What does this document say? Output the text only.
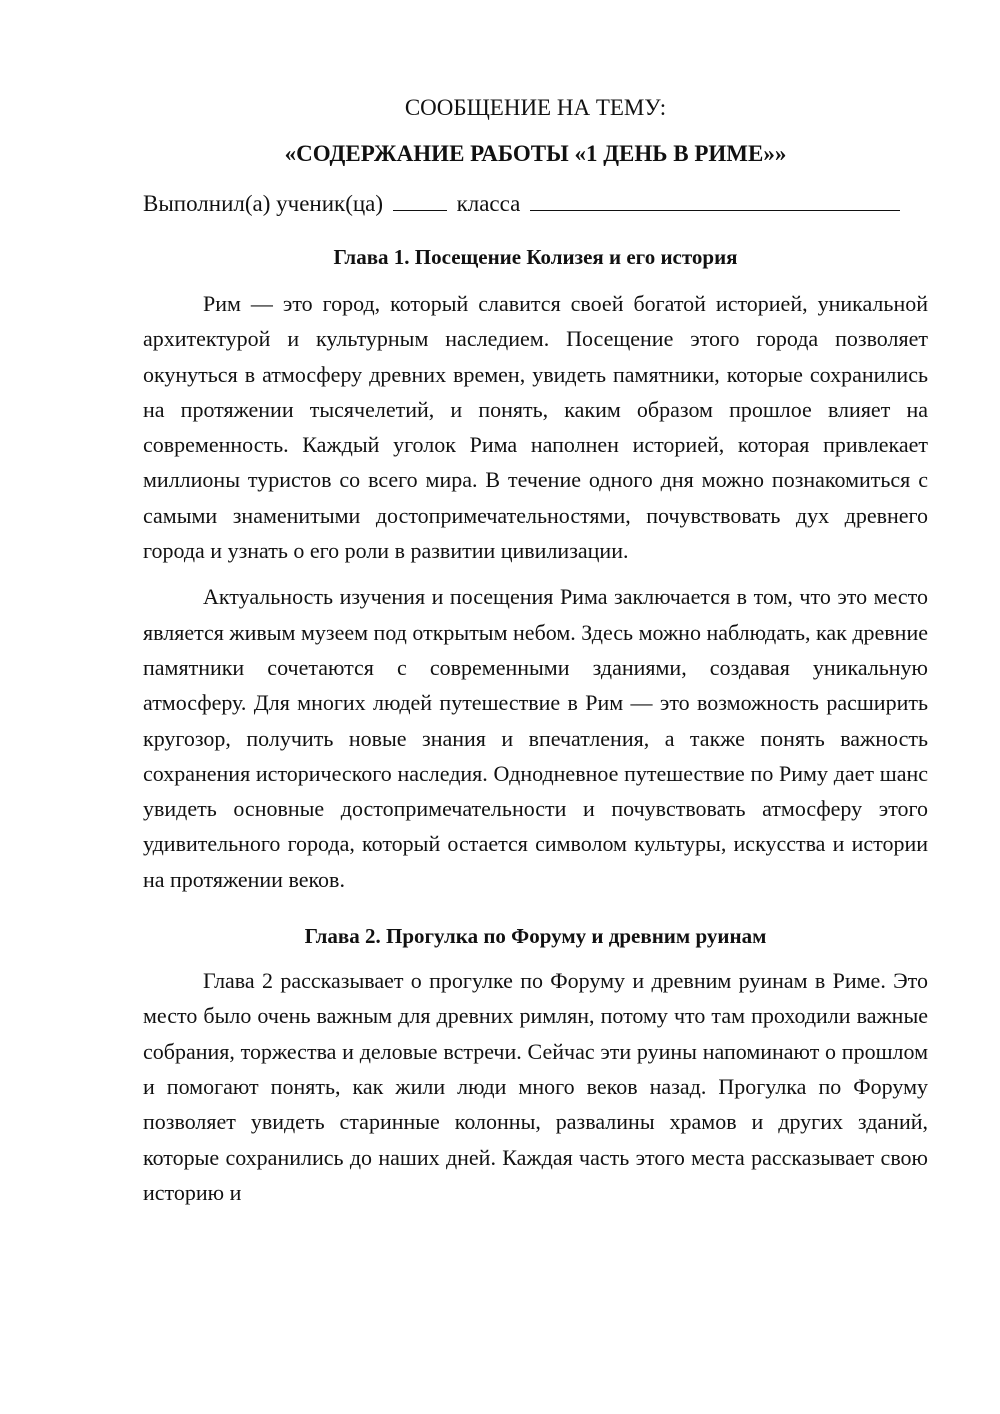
СООБЩЕНИЕ НА ТЕМУ:

«СОДЕРЖАНИЕ РАБОТЫ «1 ДЕНЬ В РИМЕ»»

Выполнил(а) ученик(ца)	класса
Глава 1. Посещение Колизея и его история

Рим — это город, который славится своей богатой историей, уникальной архитектурой и культурным наследием. Посещение этого города позволяет окунуться в атмосферу древних времен, увидеть памятники, которые сохранились на протяжении тысячелетий, и понять, каким образом прошлое влияет на современность. Каждый уголок Рима наполнен историей, которая привлекает миллионы туристов со всего мира. В течение одного дня можно познакомиться с самыми знаменитыми достопримечательностями, почувствовать дух древнего города и узнать о его роли в развитии цивилизации.

Актуальность изучения и посещения Рима заключается в том, что это место является живым музеем под открытым небом. Здесь можно наблюдать, как древние памятники сочетаются с современными зданиями, создавая уникальную атмосферу. Для многих людей путешествие в Рим — это возможность расширить кругозор, получить новые знания и впечатления, а также понять важность сохранения исторического наследия. Однодневное путешествие по Риму дает шанс увидеть основные достопримечательности и почувствовать атмосферу этого удивительного города, который остается символом культуры, искусства и истории на протяжении веков.

Глава 2. Прогулка по Форуму и древним руинам

Глава 2 рассказывает о прогулке по Форуму и древним руинам в Риме. Это место было очень важным для древних римлян, потому что там проходили важные собрания, торжества и деловые встречи. Сейчас эти руины напоминают о прошлом и помогают понять, как жили люди много веков назад. Прогулка по Форуму позволяет увидеть старинные колонны, развалины храмов и других зданий, которые сохранились до наших дней. Каждая часть этого места рассказывает свою историю и
